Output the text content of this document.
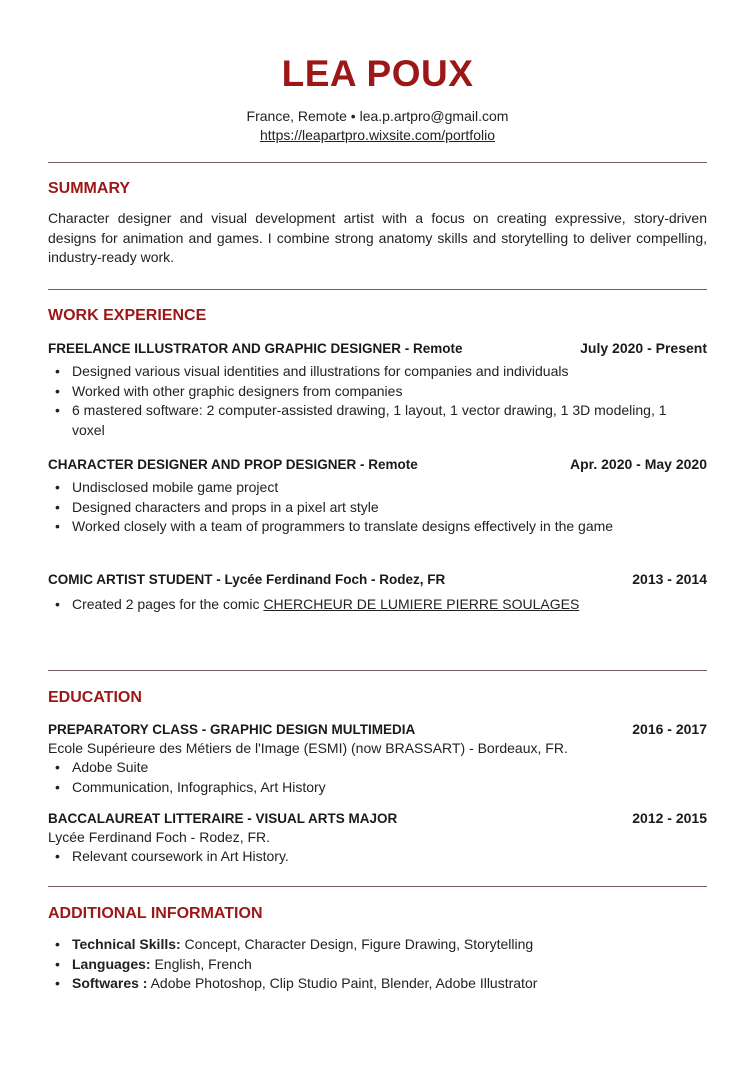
LEA POUX
France, Remote • lea.p.artpro@gmail.com
https://leapartpro.wixsite.com/portfolio
SUMMARY
Character designer and visual development artist with a focus on creating expressive, story-driven designs for animation and games. I combine strong anatomy skills and storytelling to deliver compelling, industry-ready work.
WORK EXPERIENCE
FREELANCE ILLUSTRATOR AND GRAPHIC DESIGNER - Remote	July 2020 - Present
• Designed various visual identities and illustrations for companies and individuals
• Worked with other graphic designers from companies
• 6 mastered software: 2 computer-assisted drawing, 1 layout, 1 vector drawing, 1 3D modeling, 1 voxel
CHARACTER DESIGNER AND PROP DESIGNER - Remote	Apr. 2020 - May 2020
• Undisclosed mobile game project
• Designed characters and props in a pixel art style
• Worked closely with a team of programmers to translate designs effectively in the game
COMIC ARTIST STUDENT - Lycée Ferdinand Foch - Rodez, FR	2013 - 2014
• Created 2 pages for the comic CHERCHEUR DE LUMIERE PIERRE SOULAGES
EDUCATION
PREPARATORY CLASS - GRAPHIC DESIGN MULTIMEDIA	2016 - 2017
Ecole Supérieure des Métiers de l'Image (ESMI) (now BRASSART) - Bordeaux, FR.
• Adobe Suite
• Communication, Infographics, Art History
BACCALAUREAT LITTERAIRE - VISUAL ARTS MAJOR	2012 - 2015
Lycée Ferdinand Foch - Rodez, FR.
• Relevant coursework in Art History.
ADDITIONAL INFORMATION
• Technical Skills: Concept, Character Design, Figure Drawing, Storytelling
• Languages: English, French
• Softwares : Adobe Photoshop, Clip Studio Paint, Blender, Adobe Illustrator
